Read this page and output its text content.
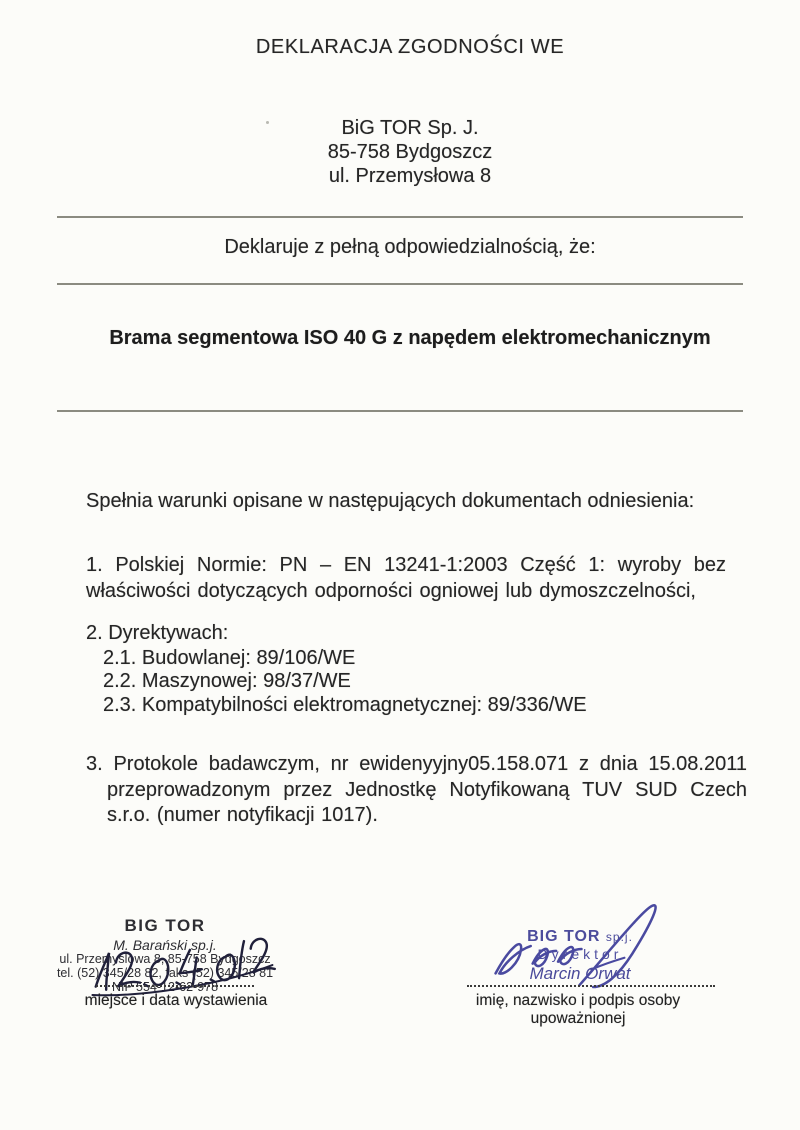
DEKLARACJA ZGODNOŚCI WE
BiG TOR Sp. J.
85-758 Bydgoszcz
ul. Przemysłowa 8
Deklaruje z pełną odpowiedzialnością, że:
Brama segmentowa ISO 40 G z napędem elektromechanicznym
Spełnia warunki opisane w następujących dokumentach odniesienia:
1. Polskiej Normie: PN – EN 13241-1:2003 Część 1: wyroby bez właściwości dotyczących odporności ogniowej lub dymoszczelności,
2. Dyrektywach:
2.1. Budowlanej: 89/106/WE
2.2. Maszynowej: 98/37/WE
2.3. Kompatybilności elektromagnetycznej: 89/336/WE
3. Protokole badawczym, nr ewidenyyjny05.158.071 z dnia 15.08.2011 przeprowadzonym przez Jednostkę Notyfikowaną TUV SUD Czech s.r.o. (numer notyfikacji 1017).
BIG TOR
M. Barański sp.j.
ul. Przemyslowa 8, 85-758 Bydgoszcz
tel. (52) 345/28 82, faks (52) 345/28 81
NIP 554-12-62-978
miejsce i data wystawienia
BIG TOR sp.j.
Dyrektor
Marcin Orwat
imię, nazwisko i podpis osoby upoważnionej
